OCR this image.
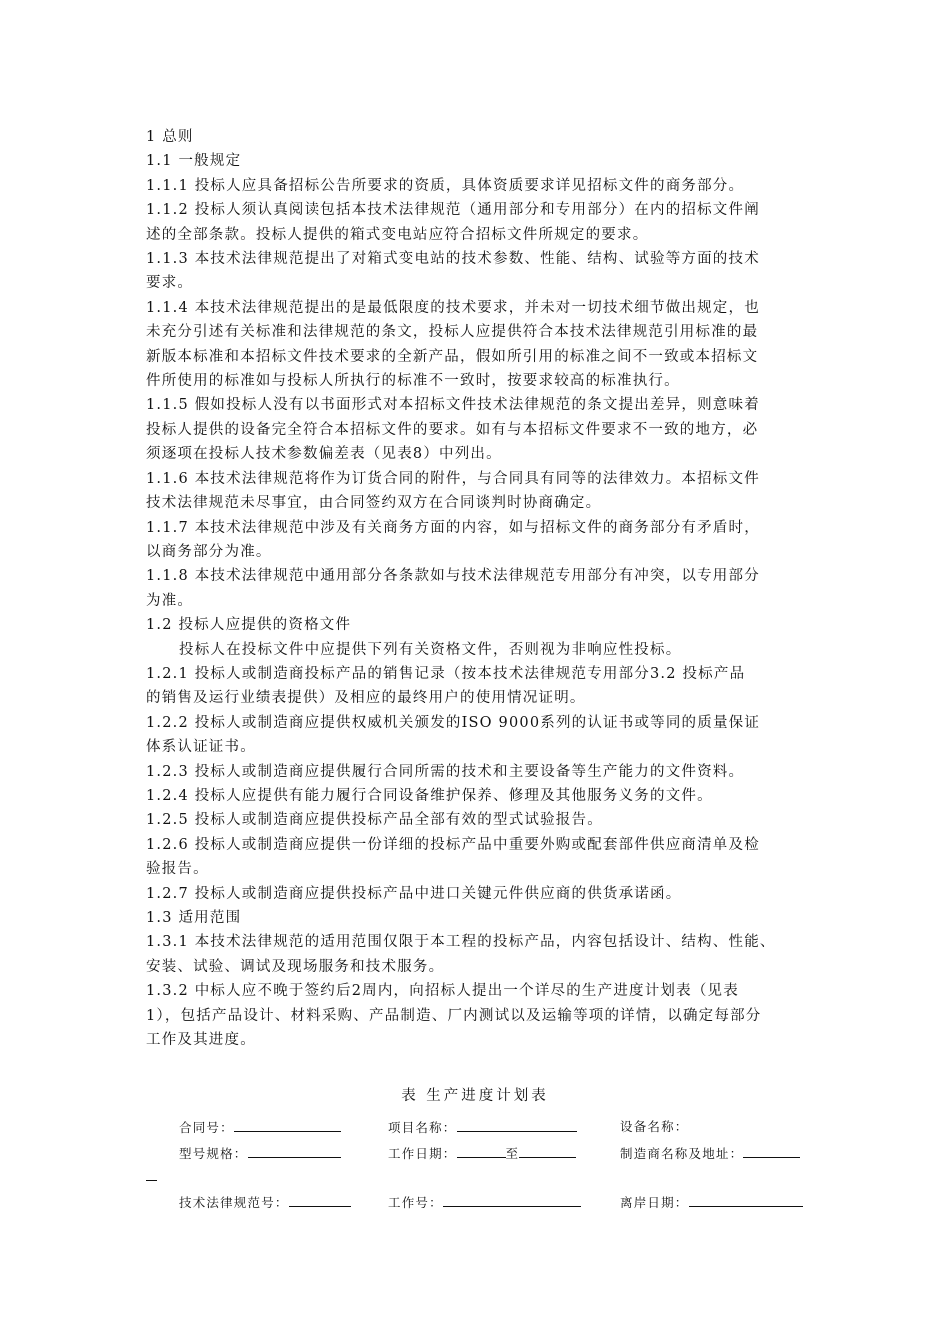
1 总则
1.1 一般规定
1.1.1 投标人应具备招标公告所要求的资质，具体资质要求详见招标文件的商务部分。
1.1.2 投标人须认真阅读包括本技术法律规范（通用部分和专用部分）在内的招标文件阐
述的全部条款。投标人提供的箱式变电站应符合招标文件所规定的要求。
1.1.3 本技术法律规范提出了对箱式变电站的技术参数、性能、结构、试验等方面的技术
要求。
1.1.4 本技术法律规范提出的是最低限度的技术要求，并未对一切技术细节做出规定，也
未充分引述有关标准和法律规范的条文，投标人应提供符合本技术法律规范引用标准的最
新版本标准和本招标文件技术要求的全新产品，假如所引用的标准之间不一致或本招标文
件所使用的标准如与投标人所执行的标准不一致时，按要求较高的标准执行。
1.1.5 假如投标人没有以书面形式对本招标文件技术法律规范的条文提出差异，则意味着
投标人提供的设备完全符合本招标文件的要求。如有与本招标文件要求不一致的地方，必
须逐项在投标人技术参数偏差表（见表8）中列出。
1.1.6 本技术法律规范将作为订货合同的附件，与合同具有同等的法律效力。本招标文件
技术法律规范未尽事宜，由合同签约双方在合同谈判时协商确定。
1.1.7 本技术法律规范中涉及有关商务方面的内容，如与招标文件的商务部分有矛盾时，
以商务部分为准。
1.1.8 本技术法律规范中通用部分各条款如与技术法律规范专用部分有冲突，以专用部分
为准。
1.2 投标人应提供的资格文件
投标人在投标文件中应提供下列有关资格文件，否则视为非响应性投标。
1.2.1 投标人或制造商投标产品的销售记录（按本技术法律规范专用部分3.2 投标产品
的销售及运行业绩表提供）及相应的最终用户的使用情况证明。
1.2.2 投标人或制造商应提供权威机关颁发的ISO 9000系列的认证书或等同的质量保证
体系认证证书。
1.2.3 投标人或制造商应提供履行合同所需的技术和主要设备等生产能力的文件资料。
1.2.4 投标人应提供有能力履行合同设备维护保养、修理及其他服务义务的文件。
1.2.5 投标人或制造商应提供投标产品全部有效的型式试验报告。
1.2.6 投标人或制造商应提供一份详细的投标产品中重要外购或配套部件供应商清单及检
验报告。
1.2.7 投标人或制造商应提供投标产品中进口关键元件供应商的供货承诺函。
1.3 适用范围
1.3.1 本技术法律规范的适用范围仅限于本工程的投标产品，内容包括设计、结构、性能、
安装、试验、调试及现场服务和技术服务。
1.3.2 中标人应不晚于签约后2周内，向招标人提出一个详尽的生产进度计划表（见表
1），包括产品设计、材料采购、产品制造、厂内测试以及运输等项的详情，以确定每部分
工作及其进度。
表 生产进度计划表
合同号：	项目名称：	设备名称：
型号规格：	工作日期：	至	制造商名称及地址：
技术法律规范号：	工作号：	离岸日期：
